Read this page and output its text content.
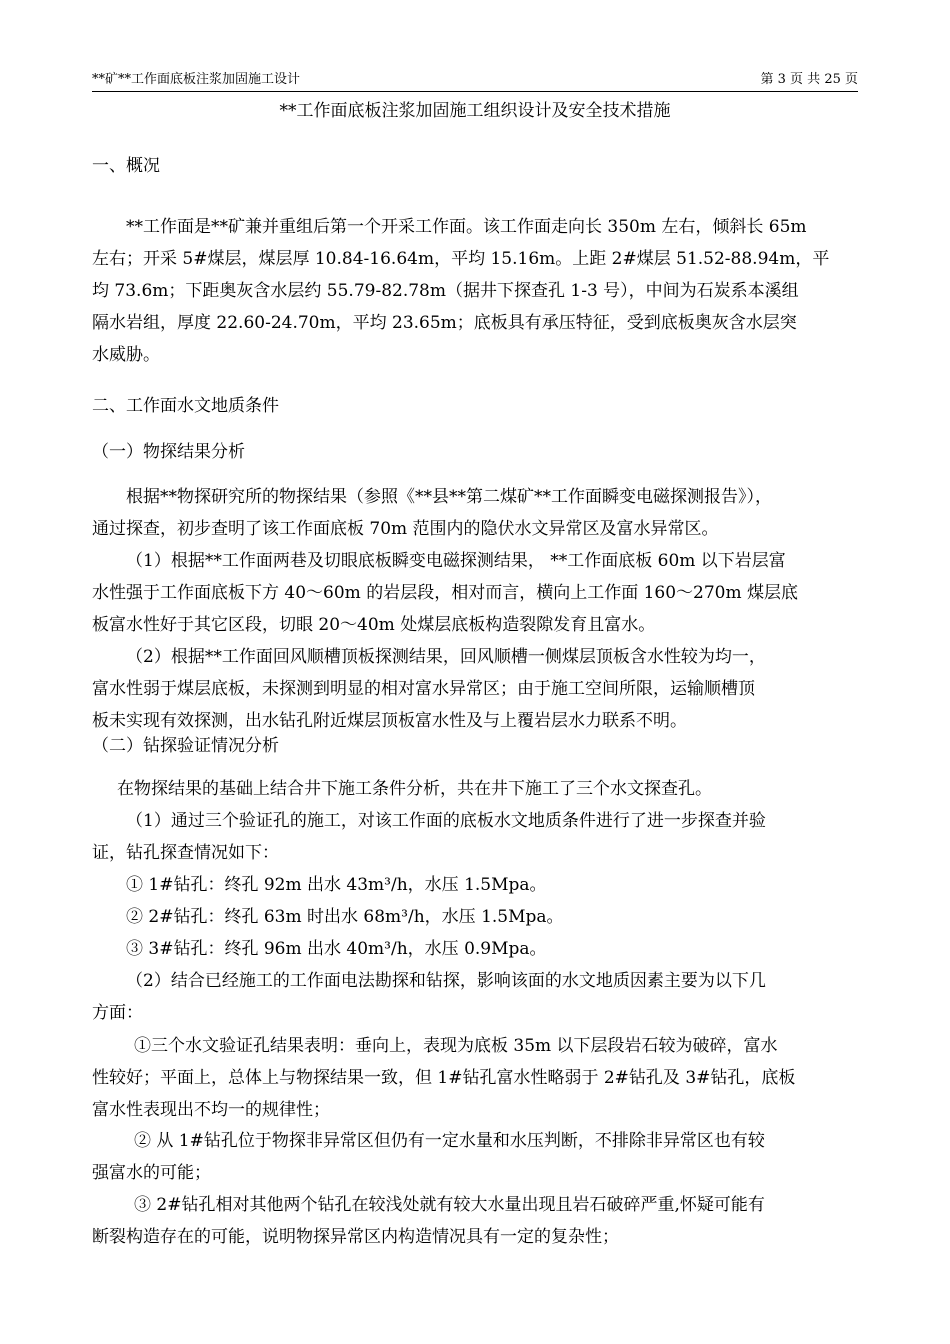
**矿**工作面底板注浆加固施工设计	第 3 页 共 25 页
**工作面底板注浆加固施工组织设计及安全技术措施
一、概况
**工作面是**矿兼并重组后第一个开采工作面。该工作面走向长 350m 左右，倾斜长 65m
左右；开采 5#煤层，煤层厚 10.84-16.64m，平均 15.16m。上距 2#煤层 51.52-88.94m，平
均 73.6m；下距奥灰含水层约 55.79-82.78m（据井下探查孔 1-3 号），中间为石炭系本溪组
隔水岩组，厚度 22.60-24.70m，平均 23.65m；底板具有承压特征，受到底板奥灰含水层突
水威胁。
二、工作面水文地质条件
（一）物探结果分析
根据**物探研究所的物探结果（参照《**县**第二煤矿**工作面瞬变电磁探测报告》），
通过探查，初步查明了该工作面底板 70m 范围内的隐伏水文异常区及富水异常区。
（1）根据**工作面两巷及切眼底板瞬变电磁探测结果， **工作面底板 60m 以下岩层富
水性强于工作面底板下方 40～60m 的岩层段，相对而言，横向上工作面 160～270m 煤层底
板富水性好于其它区段，切眼 20～40m 处煤层底板构造裂隙发育且富水。
（2）根据**工作面回风顺槽顶板探测结果，回风顺槽一侧煤层顶板含水性较为均一，
富水性弱于煤层底板，未探测到明显的相对富水异常区；由于施工空间所限，运输顺槽顶
板未实现有效探测，出水钻孔附近煤层顶板富水性及与上覆岩层水力联系不明。
（二）钻探验证情况分析
在物探结果的基础上结合井下施工条件分析，共在井下施工了三个水文探查孔。
（1）通过三个验证孔的施工，对该工作面的底板水文地质条件进行了进一步探查并验
证，钻孔探查情况如下：
① 1#钻孔：终孔 92m 出水 43m³/h，水压 1.5Mpa。
② 2#钻孔：终孔 63m 时出水 68m³/h，水压 1.5Mpa。
③ 3#钻孔：终孔 96m 出水 40m³/h，水压 0.9Mpa。
（2）结合已经施工的工作面电法勘探和钻探，影响该面的水文地质因素主要为以下几
方面：
①三个水文验证孔结果表明：垂向上，表现为底板 35m 以下层段岩石较为破碎，富水
性较好；平面上，总体上与物探结果一致，但 1#钻孔富水性略弱于 2#钻孔及 3#钻孔，底板
富水性表现出不均一的规律性；
② 从 1#钻孔位于物探非异常区但仍有一定水量和水压判断，不排除非异常区也有较
强富水的可能；
③ 2#钻孔相对其他两个钻孔在较浅处就有较大水量出现且岩石破碎严重,怀疑可能有
断裂构造存在的可能，说明物探异常区内构造情况具有一定的复杂性；
